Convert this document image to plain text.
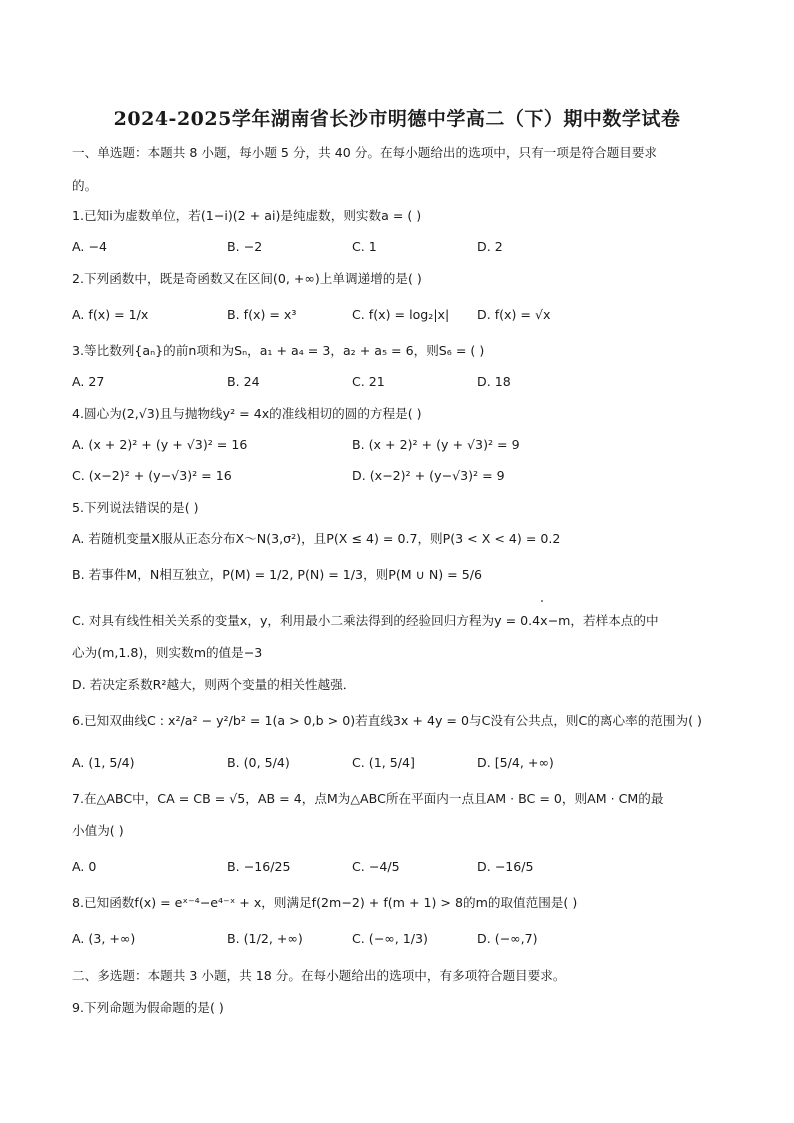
2024-2025学年湖南省长沙市明德中学高二（下）期中数学试卷
一、单选题：本题共 8 小题，每小题 5 分，共 40 分。在每小题给出的选项中，只有一项是符合题目要求
的。
1.已知i为虚数单位，若(1−i)(2 + ai)是纯虚数，则实数a = ( )
A. −4	B. −2	C. 1	D. 2
2.下列函数中，既是奇函数又在区间(0, +∞)上单调递增的是( )
A. f(x) = 1/x	B. f(x) = x³	C. f(x) = log₂|x| D. f(x) = √x
3.等比数列{aₙ}的前n项和为Sₙ，a₁ + a₄ = 3，a₂ + a₅ = 6，则S₆ = ( )
A. 27	B. 24	C. 21	D. 18
4.圆心为(2,√3)且与抛物线y² = 4x的准线相切的圆的方程是( )
A. (x + 2)² + (y + √3)² = 16	B. (x + 2)² + (y + √3)² = 9
C. (x−2)² + (y−√3)² = 16	D. (x−2)² + (y−√3)² = 9
5.下列说法错误的是( )
A. 若随机变量X服从正态分布X～N(3,σ²)，且P(X ≤ 4) = 0.7，则P(3 < X < 4) = 0.2
B. 若事件M，N相互独立，P(M) = 1/2, P(N) = 1/3，则P(M ∪ N) = 5/6
C. 对具有线性相关关系的变量x，y，利用最小二乘法得到的经验回归方程为y = 0.4x−m，若样本点的中
心为(m,1.8)，则实数m的值是−3
D. 若决定系数R²越大，则两个变量的相关性越强．
6.已知双曲线C : x²/a² − y²/b² = 1(a > 0,b > 0)若直线3x + 4y = 0与C没有公共点，则C的离心率的范围为( )
A. (1, 5/4)	B. (0, 5/4)	C. (1, 5/4]	D. [5/4, +∞)
7.在△ABC中，CA = CB = √5，AB = 4，点M为△ABC所在平面内一点且AM · BC = 0，则AM · CM的最
小值为( )
A. 0	B. −16/25	C. −4/5	D. −16/5
8.已知函数f(x) = eˣ⁻⁴−e⁴⁻ˣ + x，则满足f(2m−2) + f(m + 1) > 8的m的取值范围是( )
A. (3, +∞)	B. (1/2, +∞)	C. (−∞, 1/3)	D. (−∞,7)
二、多选题：本题共 3 小题，共 18 分。在每小题给出的选项中，有多项符合题目要求。
9.下列命题为假命题的是( )
